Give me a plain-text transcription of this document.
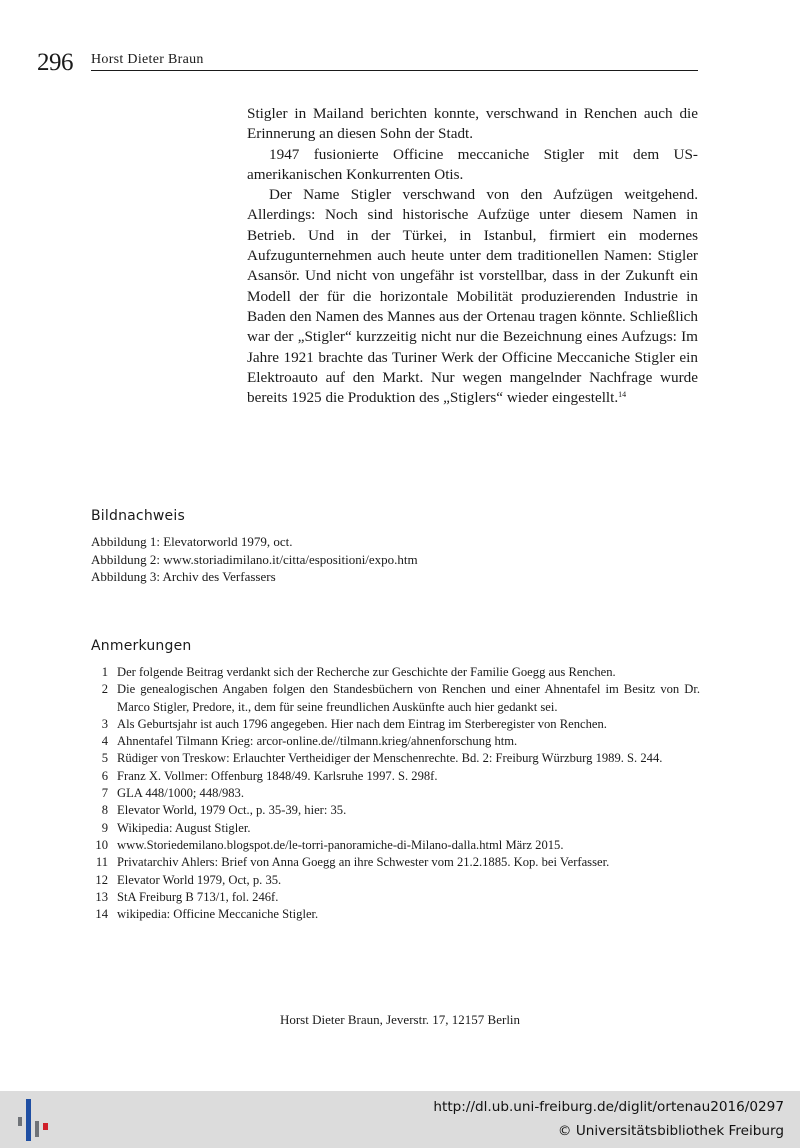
296 Horst Dieter Braun

Stigler in Mailand berichten konnte, verschwand in Renchen auch die Erinnerung an diesen Sohn der Stadt.

1947 fusionierte Officine meccaniche Stigler mit dem US-amerikanischen Konkurrenten Otis.

Der Name Stigler verschwand von den Aufzügen weitgehend. Allerdings: Noch sind historische Aufzüge unter diesem Namen in Betrieb. Und in der Türkei, in Istanbul, firmiert ein modernes Aufzugunternehmen auch heute unter dem traditionellen Namen: Stigler Asansör. Und nicht von ungefähr ist vorstellbar, dass in der Zukunft ein Modell der für die horizontale Mobilität produzierenden Industrie in Baden den Namen des Mannes aus der Ortenau tragen könnte. Schließlich war der „Stigler“ kurzzeitig nicht nur die Bezeichnung eines Aufzugs: Im Jahre 1921 brachte das Turiner Werk der Officine Meccaniche Stigler ein Elektroauto auf den Markt. Nur wegen mangelnder Nachfrage wurde bereits 1925 die Produktion des „Stiglers“ wieder eingestellt.$^{14}$

Bildnachweis
Abbildung 1: Elevatorworld 1979, oct.
Abbildung 2: www.storiadimilano.it/citta/espositioni/expo.htm
Abbildung 3: Archiv des Verfassers
Anmerkungen
1 Der folgende Beitrag verdankt sich der Recherche zur Geschichte der Familie Goegg aus Renchen.
2 Die genealogischen Angaben folgen den Standesbüchern von Renchen und einer Ahnentafel im Besitz von Dr. Marco Stigler, Predore, it., dem für seine freundlichen Auskünfte auch hier gedankt sei.
3 Als Geburtsjahr ist auch 1796 angegeben. Hier nach dem Eintrag im Sterberegister von Renchen.
4 Ahnentafel Tilmann Krieg: arcor-online.de//tilmann.krieg/ahnenforschung htm.
5 Rüdiger von Treskow: Erlauchter Vertheidiger der Menschenrechte. Bd. 2: Freiburg Würzburg 1989. S. 244.
6 Franz X. Vollmer: Offenburg 1848/49. Karlsruhe 1997. S. 298f.
7 GLA 448/1000; 448/983.
8 Elevator World, 1979 Oct., p. 35-39, hier: 35.
9 Wikipedia: August Stigler.
10 www.Storiedemilano.blogspot.de/le-torri-panoramiche-di-Milano-dalla.html März 2015.
11 Privatarchiv Ahlers: Brief von Anna Goegg an ihre Schwester vom 21.2.1885. Kop. bei Verfasser.
12 Elevator World 1979, Oct, p. 35.
13 StA Freiburg B 713/1, fol. 246f.
14 wikipedia: Officine Meccaniche Stigler.
Horst Dieter Braun, Jeverstr. 17, 12157 Berlin
http://dl.ub.uni-freiburg.de/diglit/ortenau2016/0297
© Universitätsbibliothek Freiburg
